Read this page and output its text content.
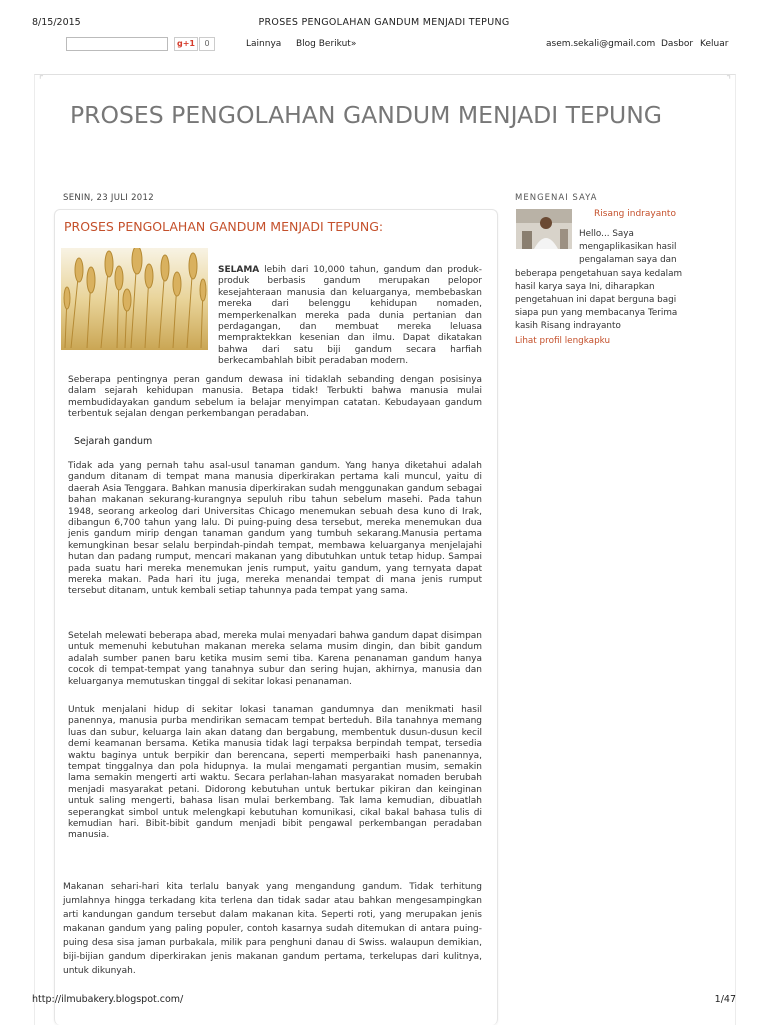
8/15/2015	PROSES PENGOLAHAN GANDUM MENJADI TEPUNG
g+1	0	Lainnya Blog Berikut»	asem.sekali@gmail.com Dasbor Keluar
⌜	⌝
PROSES PENGOLAHAN GANDUM MENJADI TEPUNG
SENIN, 23 JULI 2012
PROSES PENGOLAHAN GANDUM MENJADI TEPUNG:

SELAMA lebih dari 10,000 tahun, gandum dan produk-produk berbasis gandum merupakan pelopor kesejahteraan manusia dan keluarganya, membebaskan mereka dari belenggu kehidupan nomaden, memperkenalkan mereka pada dunia pertanian dan perdagangan, dan membuat mereka leluasa mempraktekkan kesenian dan ilmu. Dapat dikatakan bahwa dari satu biji gandum secara harfiah berkecambahlah bibit peradaban modern.

Seberapa pentingnya peran gandum dewasa ini tidaklah sebanding dengan posisinya dalam sejarah kehidupan manusia. Betapa tidak! Terbukti bahwa manusia mulai membudidayakan gandum sebelum ia belajar menyimpan catatan. Kebudayaan gandum terbentuk sejalan dengan perkembangan peradaban.

Sejarah gandum

Tidak ada yang pernah tahu asal-usul tanaman gandum. Yang hanya diketahui adalah gandum ditanam di tempat mana manusia diperkirakan pertama kali muncul, yaitu di daerah Asia Tenggara. Bahkan manusia diperkirakan sudah menggunakan gandum sebagai bahan makanan sekurang-kurangnya sepuluh ribu tahun sebelum masehi. Pada tahun 1948, seorang arkeolog dari Universitas Chicago menemukan sebuah desa kuno di Irak, dibangun 6,700 tahun yang lalu. Di puing-puing desa tersebut, mereka menemukan dua jenis gandum mirip dengan tanaman gandum yang tumbuh sekarang.Manusia pertama kemungkinan besar selalu berpindah-pindah tempat, membawa keluarganya menjelajahi hutan dan padang rumput, mencari makanan yang dibutuhkan untuk tetap hidup. Sampai pada suatu hari mereka menemukan jenis rumput, yaitu gandum, yang ternyata dapat mereka makan. Pada hari itu juga, mereka menandai tempat di mana jenis rumput tersebut ditanam, untuk kembali setiap tahunnya pada tempat yang sama.

Setelah melewati beberapa abad, mereka mulai menyadari bahwa gandum dapat disimpan untuk memenuhi kebutuhan makanan mereka selama musim dingin, dan bibit gandum adalah sumber panen baru ketika musim semi tiba. Karena penanaman gandum hanya cocok di tempat-tempat yang tanahnya subur dan sering hujan, akhirnya, manusia dan keluarganya memutuskan tinggal di sekitar lokasi penanaman.

Untuk menjalani hidup di sekitar lokasi tanaman gandumnya dan menikmati hasil panennya, manusia purba mendirikan semacam tempat berteduh. Bila tanahnya memang luas dan subur, keluarga lain akan datang dan bergabung, membentuk dusun-dusun kecil demi keamanan bersama. Ketika manusia tidak lagi terpaksa berpindah tempat, tersedia waktu baginya untuk berpikir dan berencana, seperti memperbaiki hash panenannya, tempat tinggalnya dan pola hidupnya. Ia mulai mengamati pergantian musim, semakin lama semakin mengerti arti waktu. Secara perlahan-lahan masyarakat nomaden berubah menjadi masyarakat petani. Didorong kebutuhan untuk bertukar pikiran dan keinginan untuk saling mengerti, bahasa lisan mulai berkembang. Tak lama kemudian, dibuatlah seperangkat simbol untuk melengkapi kebutuhan komunikasi, cikal bakal bahasa tulis di kemudian hari. Bibit-bibit gandum menjadi bibit pengawal perkembangan peradaban manusia.

Makanan sehari-hari kita terlalu banyak yang mengandung gandum. Tidak terhitung jumlahnya hingga terkadang kita terlena dan tidak sadar atau bahkan mengesampingkan arti kandungan gandum tersebut dalam makanan kita. Seperti roti, yang merupakan jenis makanan gandum yang paling populer, contoh kasarnya sudah ditemukan di antara puing-puing desa sisa jaman purbakala, milik para penghuni danau di Swiss. walaupun demikian, biji-bijian gandum diperkirakan jenis makanan gandum pertama, terkelupas dari kulitnya, untuk dikunyah.

MENGENAI SAYA
Risang indrayanto

Hello... Saya mengaplikasikan hasil pengalaman saya dan
beberapa pengetahuan saya kedalam hasil karya saya Ini, diharapkan pengetahuan ini dapat berguna bagi siapa pun yang membacanya Terima kasih Risang indrayanto

Lihat profil lengkapku
http://ilmubakery.blogspot.com/	1/47
